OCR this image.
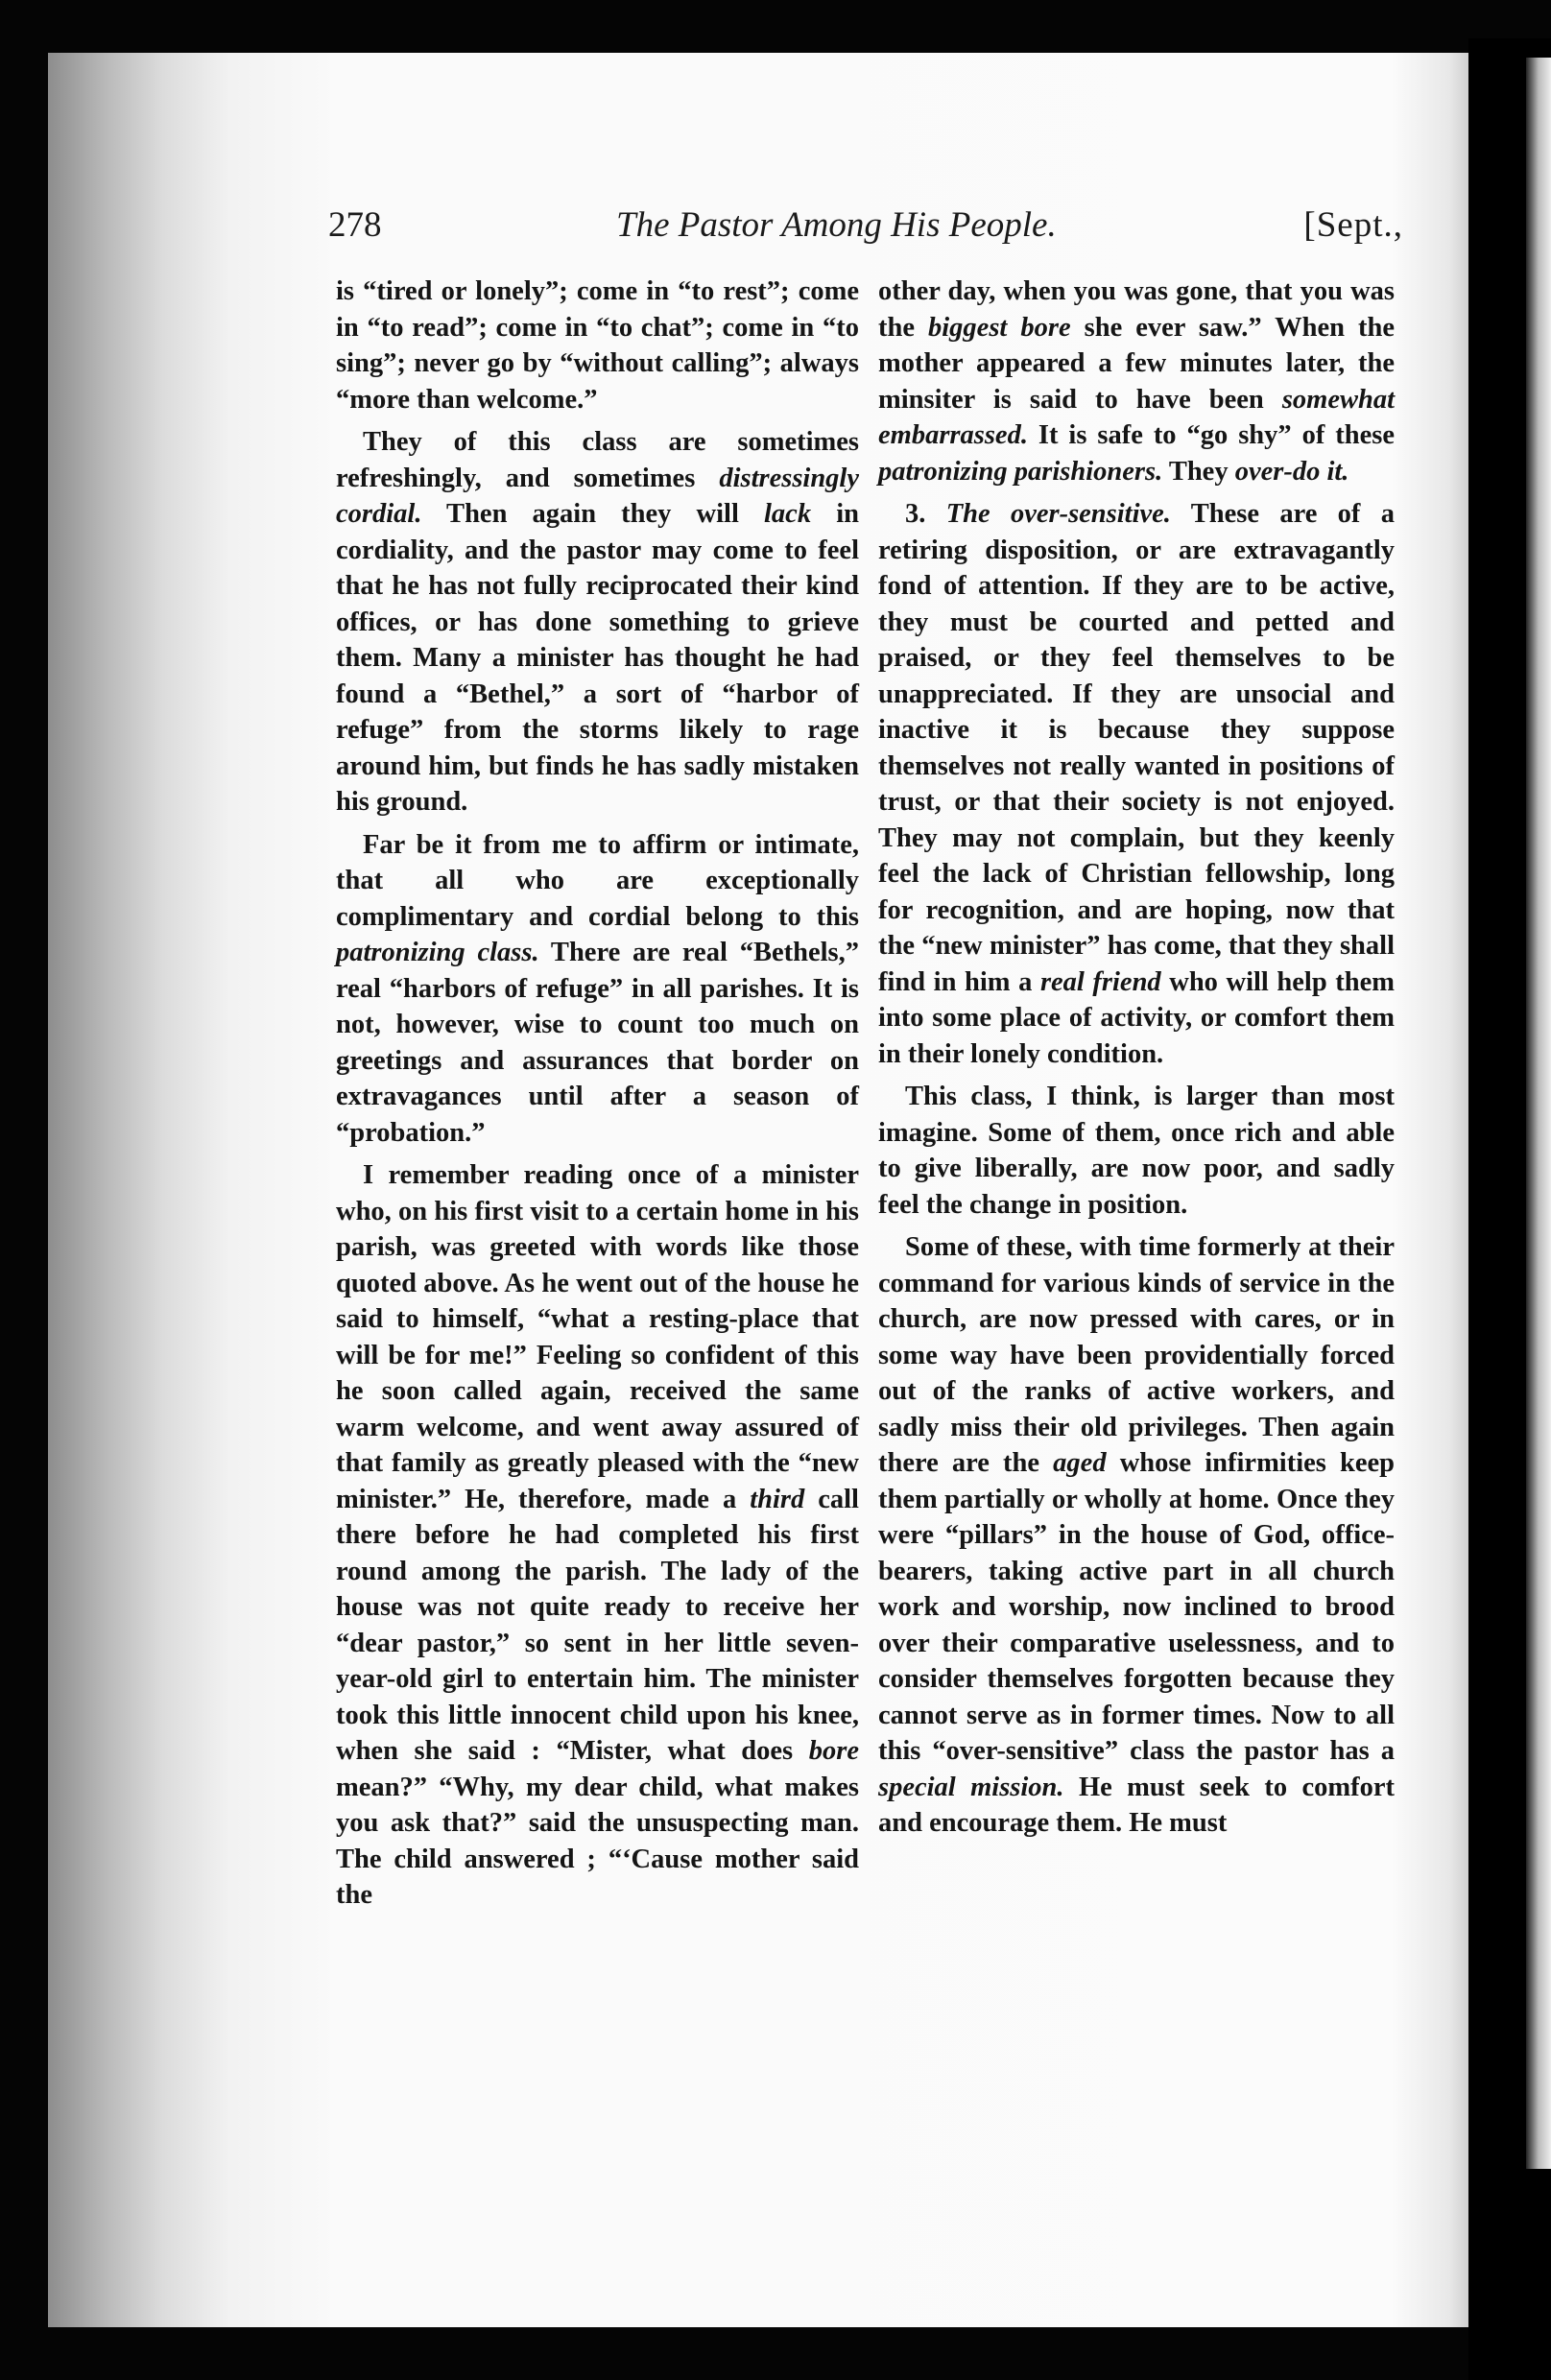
278	The Pastor Among His People.	[Sept.,

is “tired or lonely”; come in “to rest”; come in “to read”; come in “to chat”; come in “to sing”; never go by “without calling”; always “more than welcome.”

They of this class are sometimes refreshingly, and sometimes distressingly cordial. Then again they will lack in cordiality, and the pastor may come to feel that he has not fully reciprocated their kind offices, or has done something to grieve them. Many a minister has thought he had found a “Bethel,” a sort of “harbor of refuge” from the storms likely to rage around him, but finds he has sadly mistaken his ground.

Far be it from me to affirm or intimate, that all who are exceptionally complimentary and cordial belong to this patronizing class. There are real “Bethels,” real “harbors of refuge” in all parishes. It is not, however, wise to count too much on greetings and assurances that border on extravagances until after a season of “probation.”

I remember reading once of a minister who, on his first visit to a certain home in his parish, was greeted with words like those quoted above. As he went out of the house he said to himself, “what a resting-place that will be for me!” Feeling so confident of this he soon called again, received the same warm welcome, and went away assured of that family as greatly pleased with the “new minister.” He, therefore, made a third call there before he had completed his first round among the parish. The lady of the house was not quite ready to receive her “dear pastor,” so sent in her little seven-year-old girl to entertain him. The minister took this little innocent child upon his knee, when she said : “Mister, what does bore mean?” “Why, my dear child, what makes you ask that?” said the unsuspecting man. The child answered ; “‘Cause mother said the

other day, when you was gone, that you was the biggest bore she ever saw.” When the mother appeared a few minutes later, the minsiter is said to have been somewhat embarrassed. It is safe to “go shy” of these patronizing parishioners. They over-do it.

3. The over-sensitive. These are of a retiring disposition, or are extravagantly fond of attention. If they are to be active, they must be courted and petted and praised, or they feel themselves to be unappreciated. If they are unsocial and inactive it is because they suppose themselves not really wanted in positions of trust, or that their society is not enjoyed. They may not complain, but they keenly feel the lack of Christian fellowship, long for recognition, and are hoping, now that the “new minister” has come, that they shall find in him a real friend who will help them into some place of activity, or comfort them in their lonely condition.

This class, I think, is larger than most imagine. Some of them, once rich and able to give liberally, are now poor, and sadly feel the change in position.

Some of these, with time formerly at their command for various kinds of service in the church, are now pressed with cares, or in some way have been providentially forced out of the ranks of active workers, and sadly miss their old privileges. Then again there are the aged whose infirmities keep them partially or wholly at home. Once they were “pillars” in the house of God, office-bearers, taking active part in all church work and worship, now inclined to brood over their comparative uselessness, and to consider themselves forgotten because they cannot serve as in former times. Now to all this “over-sensitive” class the pastor has a special mission. He must seek to comfort and encourage them. He must
